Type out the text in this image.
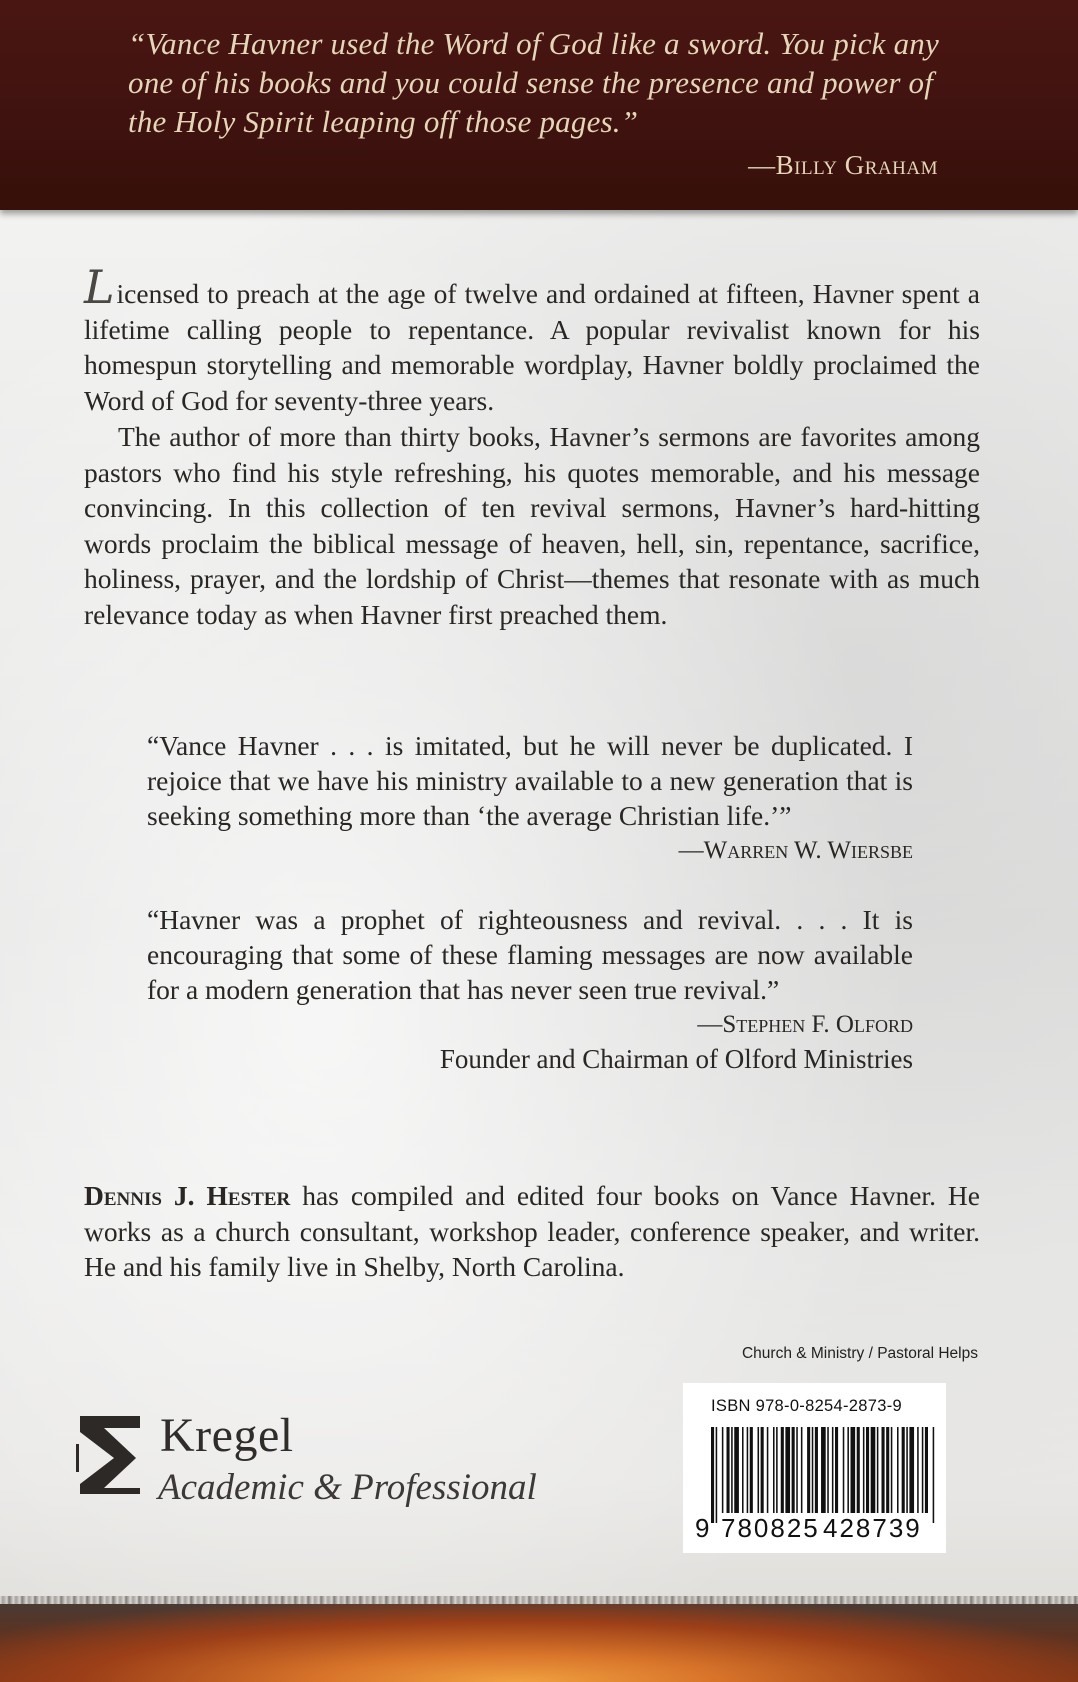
“Vance Havner used the Word of God like a sword. You pick any one of his books and you could sense the presence and power of the Holy Spirit leaping off those pages.”
—Billy Graham

Licensed to preach at the age of twelve and ordained at fifteen, Havner spent a lifetime calling people to repentance. A popular revivalist known for his homespun storytelling and memorable wordplay, Havner boldly proclaimed the Word of God for seventy-three years.

The author of more than thirty books, Havner’s sermons are favorites among pastors who find his style refreshing, his quotes memorable, and his message convincing. In this collection of ten revival sermons, Havner’s hard-hitting words proclaim the biblical message of heaven, hell, sin, repentance, sacrifice, holiness, prayer, and the lordship of Christ—themes that resonate with as much relevance today as when Havner first preached them.

“Vance Havner . . . is imitated, but he will never be duplicated. I rejoice that we have his ministry available to a new generation that is seeking something more than ‘the average Christian life.’”
—Warren W. Wiersbe
“Havner was a prophet of righteousness and revival. . . . It is encouraging that some of these flaming messages are now available for a modern generation that has never seen true revival.”
—Stephen F. Olford
Founder and Chairman of Olford Ministries
Dennis J. Hester has compiled and edited four books on Vance Havner. He works as a church consultant, workshop leader, conference speaker, and writer. He and his family live in Shelby, North Carolina.
Church & Ministry / Pastoral Helps
Kregel
Academic & Professional
ISBN 978-0-8254-2873-9
9 780825 428739
